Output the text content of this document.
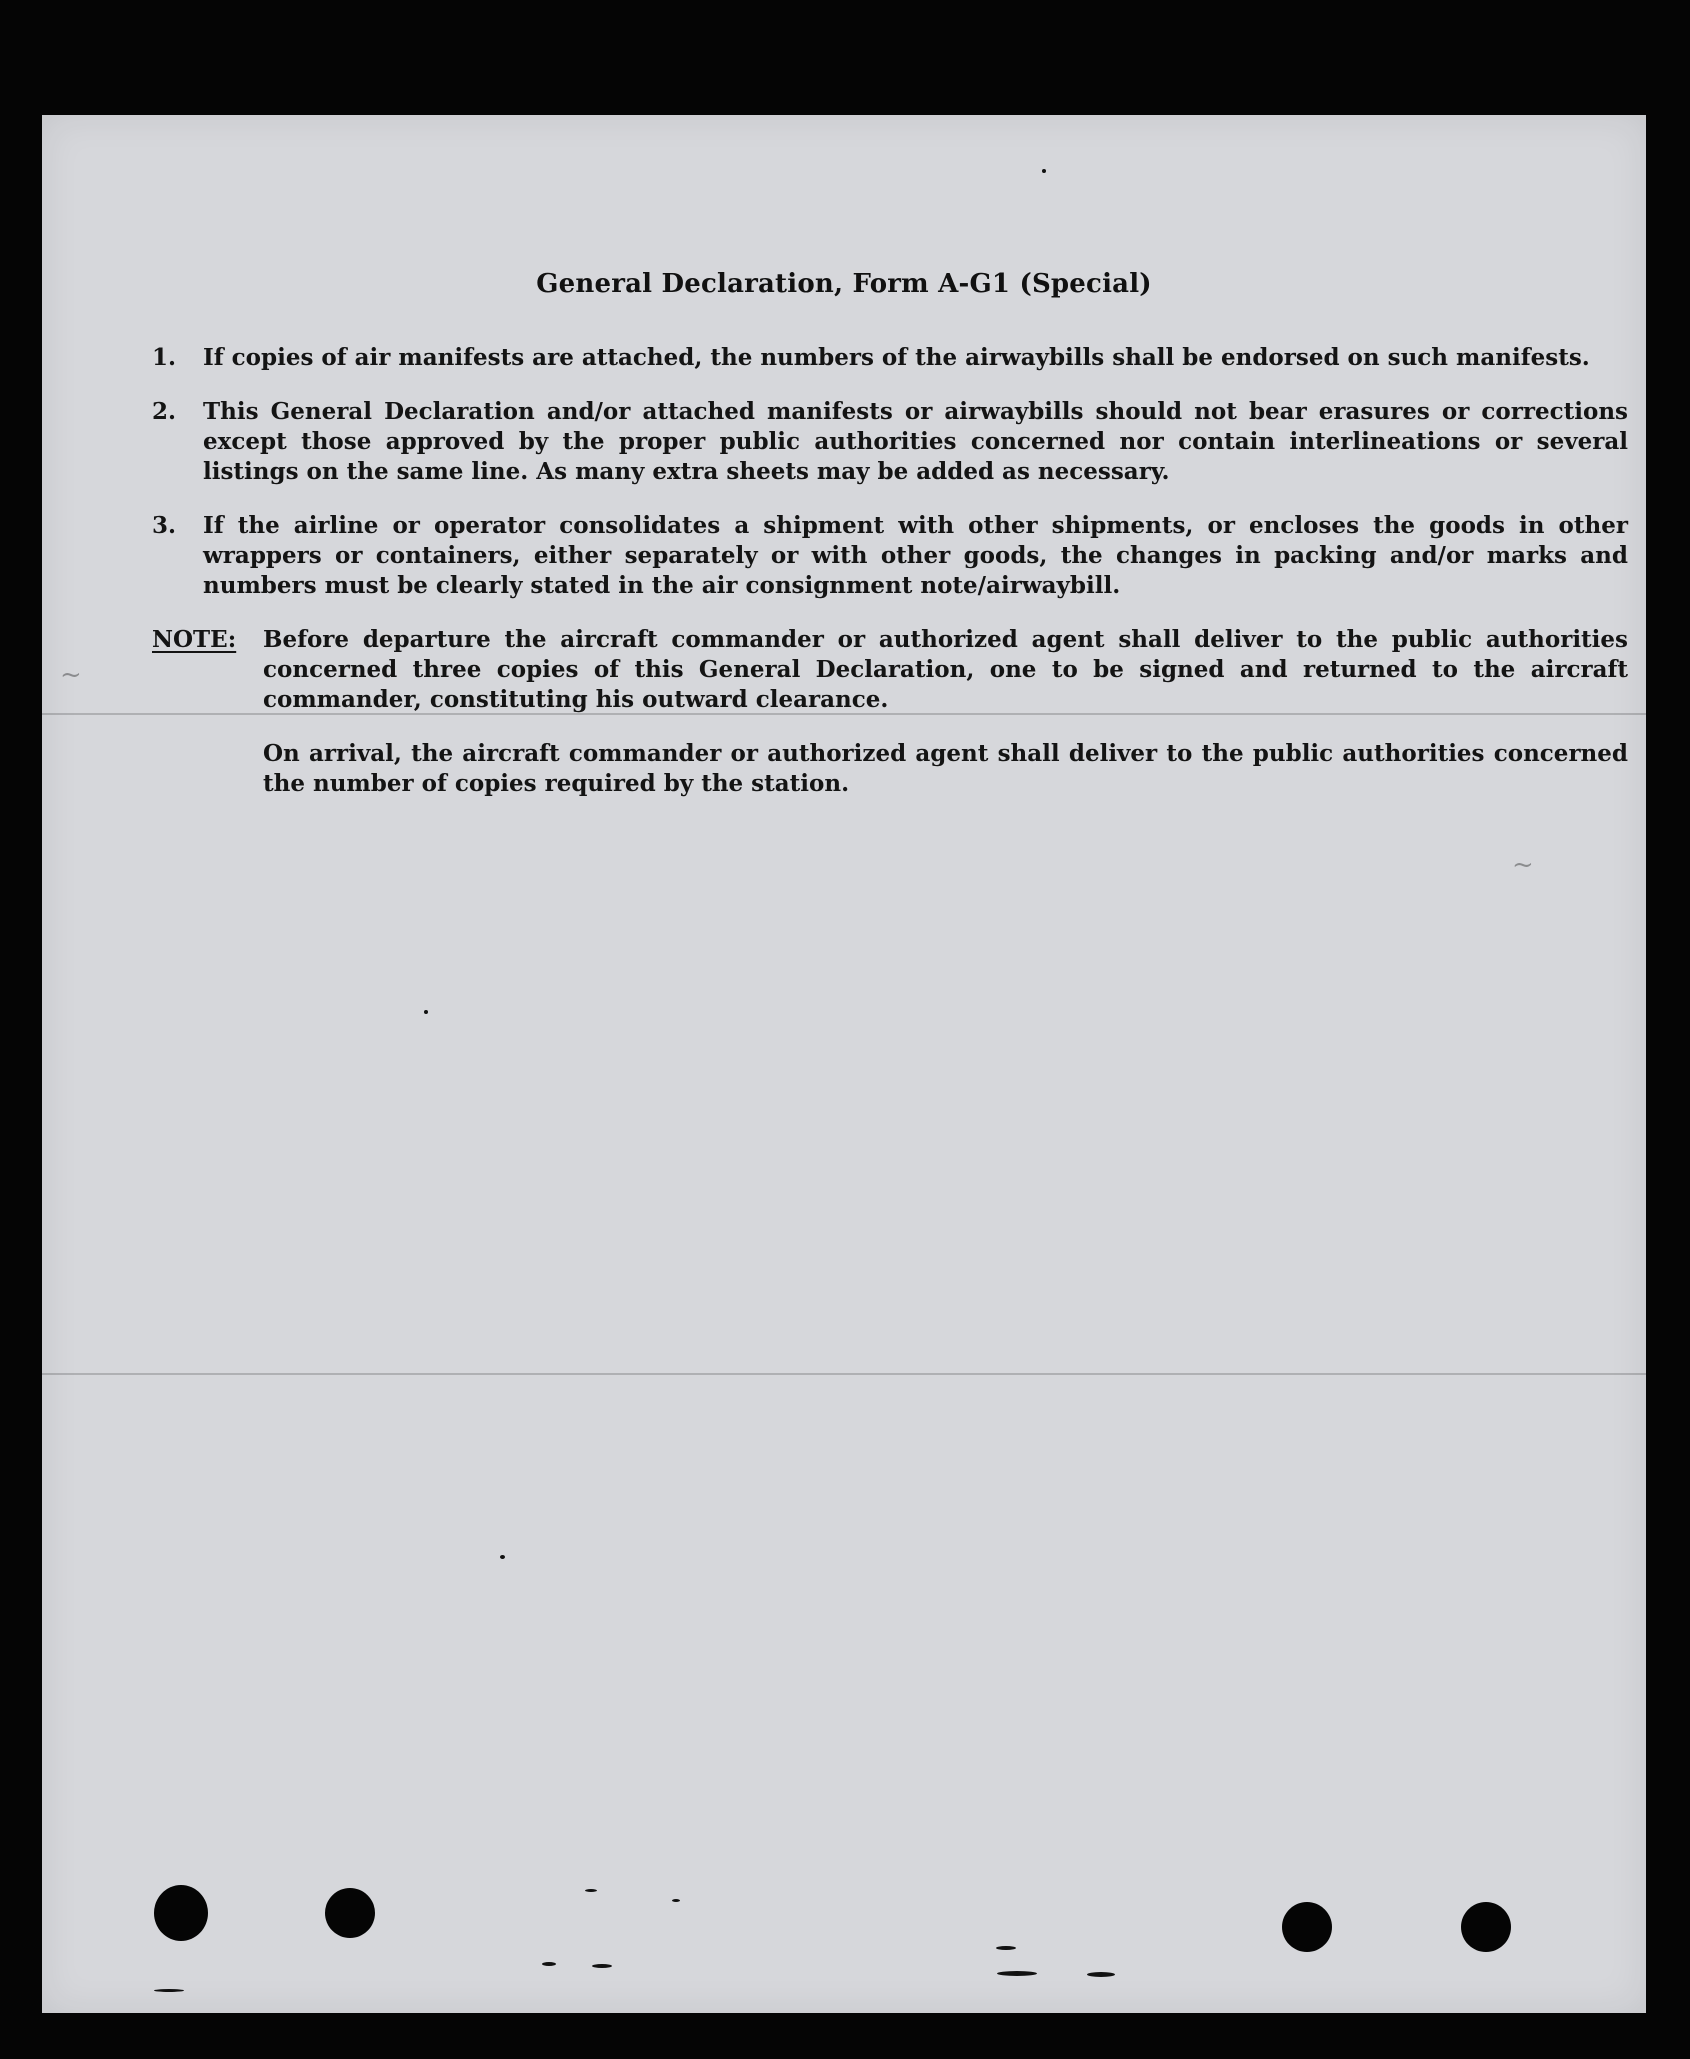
General Declaration, Form A-G1 (Special)
1. If copies of air manifests are attached, the numbers of the airwaybills shall be endorsed on such manifests.
2. This General Declaration and/or attached manifests or airwaybills should not bear erasures or corrections except those approved by the proper public authorities concerned nor contain interlineations or several listings on the same line. As many extra sheets may be added as necessary.
3. If the airline or operator consolidates a shipment with other shipments, or encloses the goods in other wrappers or containers, either separately or with other goods, the changes in packing and/or marks and numbers must be clearly stated in the air consignment note/airwaybill.
NOTE: Before departure the aircraft commander or authorized agent shall deliver to the public authorities concerned three copies of this General Declaration, one to be signed and returned to the aircraft commander, constituting his outward clearance.
On arrival, the aircraft commander or authorized agent shall deliver to the public authorities concerned the number of copies required by the station.
~
~
